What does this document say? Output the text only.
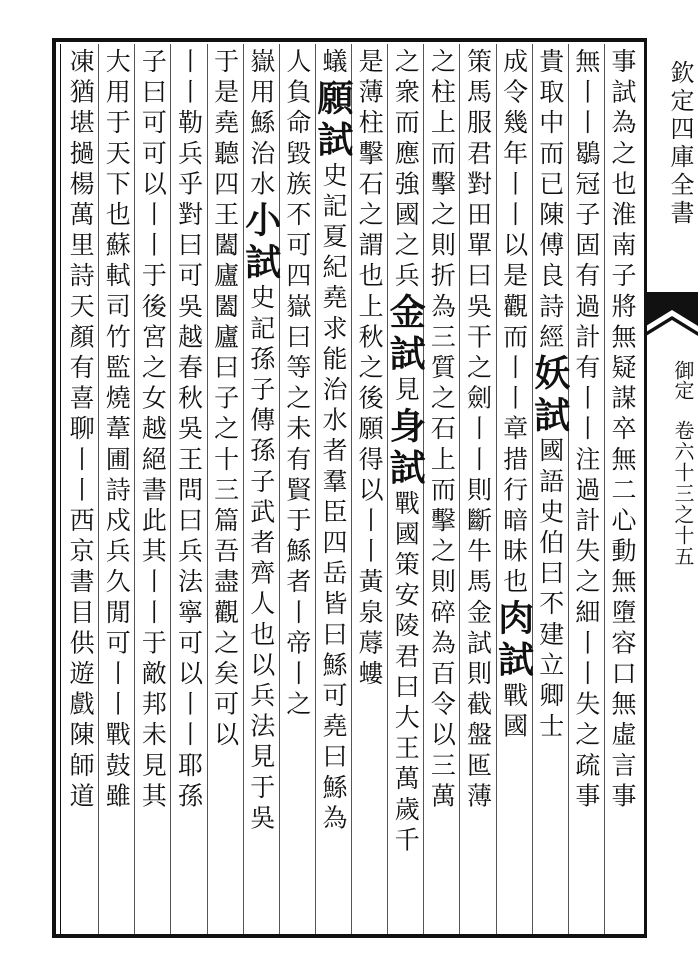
事試為之也淮南子將無疑謀卒無二心動無墮容口無虛言事
無丨丨鶡冠子固有過計有丨丨注過計失之細丨丨失之疏事
貴取中而已陳傅良詩經妖試國語史伯曰不建立卿士
成令幾年丨丨以是觀而丨丨章措行暗昧也肉試戰國
策馬服君對田單曰吳干之劍丨丨則斷牛馬金試則截盤匜薄
之柱上而擊之則折為三質之石上而擊之則碎為百令以三萬
之衆而應強國之兵金試見身試戰國策安陵君曰大王萬歲千
是薄柱擊石之謂也上秋之後願得以丨丨黃泉蓐螻
蟻願試史記夏紀堯求能治水者羣臣四岳皆曰鯀可堯曰鯀為
人負命毀族不可四嶽曰等之未有賢于鯀者丨帝丨之
嶽用鯀治水小試史記孫子傳孫子武者齊人也以兵法見于吳
于是堯聽四王闔廬闔廬曰子之十三篇吾盡觀之矣可以
丨丨勒兵乎對曰可吳越春秋吳王問曰兵法寧可以丨丨耶孫
子曰可可以丨丨于後宮之女越絕書此其丨丨于敵邦未見其
大用于天下也蘇軾司竹監燒葦圃詩戍兵久閒可丨丨戰鼓雖
凍猶堪撾楊萬里詩天顏有喜聊丨丨西京書目供遊戲陳師道	欽定四庫全書
御定
卷六十三之十五
